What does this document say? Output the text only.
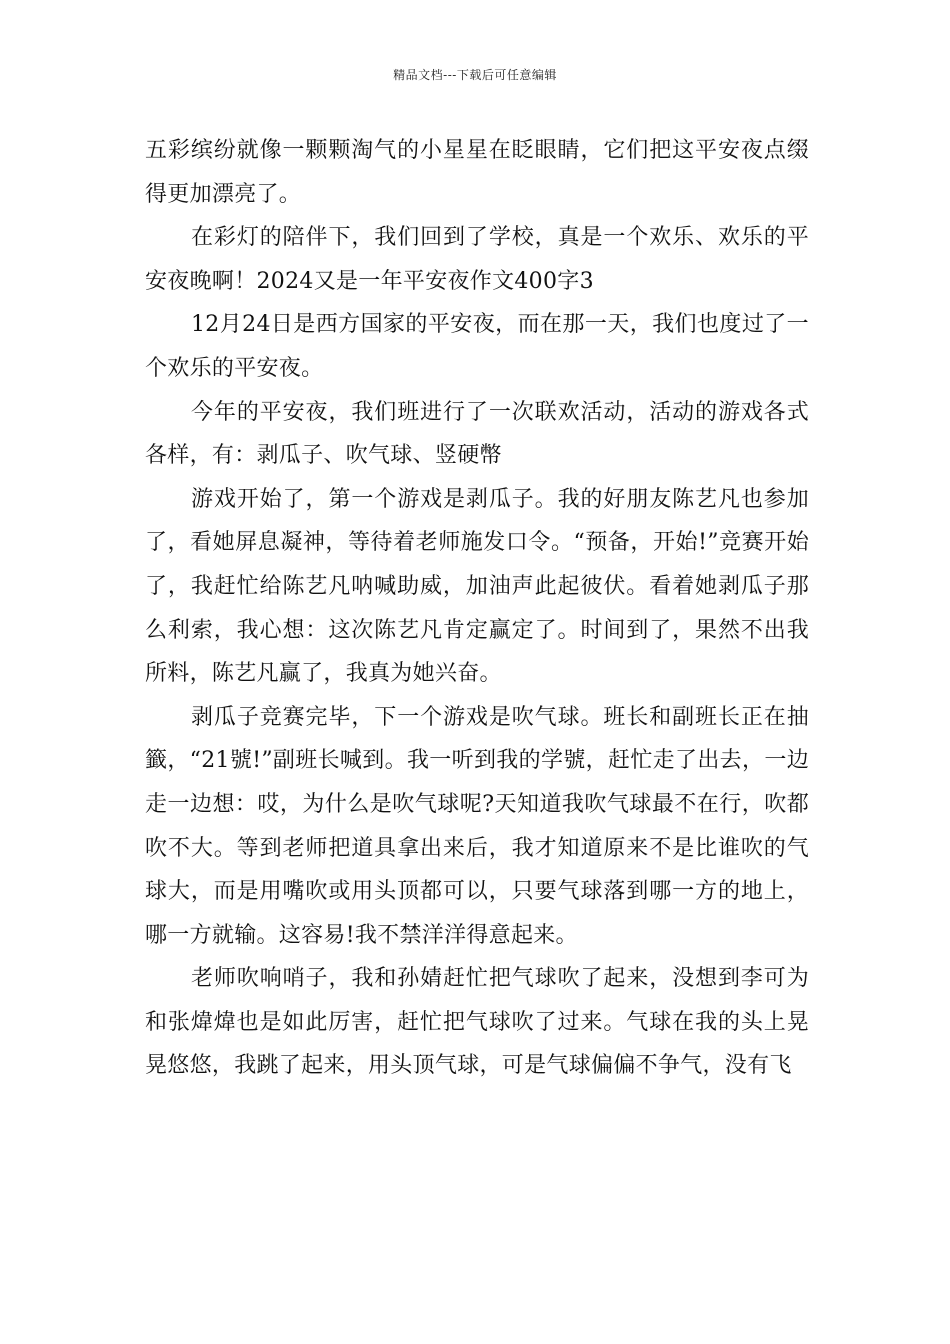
精品文档---下载后可任意编辑

五彩缤纷就像一颗颗淘气的小星星在眨眼睛，它们把这平安夜点缀得更加漂亮了。

在彩灯的陪伴下，我们回到了学校，真是一个欢乐、欢乐的平安夜晚啊！2024又是一年平安夜作文400字3

12月24日是西方国家的平安夜，而在那一天，我们也度过了一个欢乐的平安夜。

今年的平安夜，我们班进行了一次联欢活动，活动的游戏各式各样，有：剥瓜子、吹气球、竖硬幣

游戏开始了，第一个游戏是剥瓜子。我的好朋友陈艺凡也参加了，看她屏息凝神，等待着老师施发口令。“预备，开始!”竞赛开始了，我赶忙给陈艺凡呐喊助威，加油声此起彼伏。看着她剥瓜子那么利索，我心想：这次陈艺凡肯定赢定了。时间到了，果然不出我所料，陈艺凡赢了，我真为她兴奋。

剥瓜子竞赛完毕，下一个游戏是吹气球。班长和副班长正在抽籤，“21號!”副班长喊到。我一听到我的学號，赶忙走了出去，一边走一边想：哎，为什么是吹气球呢?天知道我吹气球最不在行，吹都吹不大。等到老师把道具拿出来后，我才知道原来不是比谁吹的气球大，而是用嘴吹或用头顶都可以，只要气球落到哪一方的地上，哪一方就输。这容易!我不禁洋洋得意起来。

老师吹响哨子，我和孙婧赶忙把气球吹了起来，没想到李可为和张煒煒也是如此厉害，赶忙把气球吹了过来。气球在我的头上晃晃悠悠，我跳了起来，用头顶气球，可是气球偏偏不争气，没有飞
